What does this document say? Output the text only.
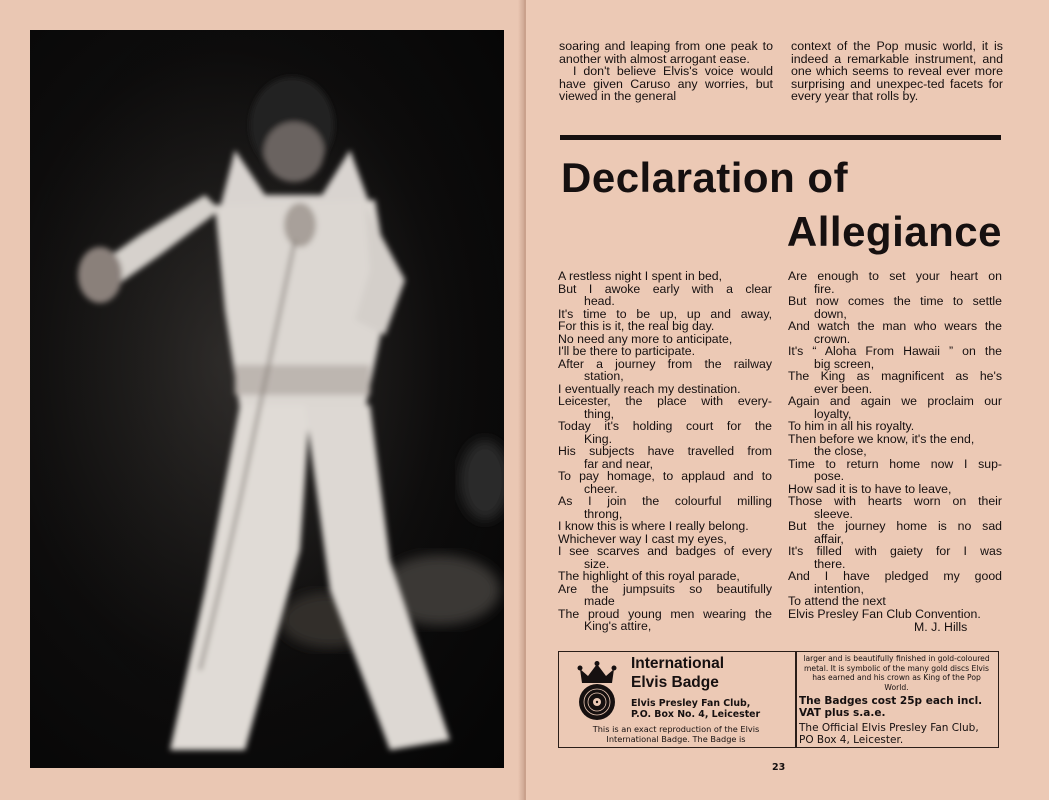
soaring and leaping from one peak to another with almost arrogant ease.

I don't believe Elvis's voice would have given Caruso any worries, but viewed in the general

context of the Pop music world, it is indeed a remarkable instrument, and one which seems to reveal ever more surprising and unexpec-ted facets for every year that rolls by.

Declaration of
Allegiance
A restless night I spent in bed,
But I awoke early with a clear
head.
It's time to be up, up and away,
For this is it, the real big day.
No need any more to anticipate,
I'll be there to participate.
After a journey from the railway
station,
I eventually reach my destination.
Leicester, the place with every-
thing,
Today it's holding court for the
King.
His subjects have travelled from
far and near,
To pay homage, to applaud and to
cheer.
As I join the colourful milling
throng,
I know this is where I really belong.
Whichever way I cast my eyes,
I see scarves and badges of every
size.
The highlight of this royal parade,
Are the jumpsuits so beautifully
made
The proud young men wearing the
King's attire,
Are enough to set your heart on
fire.
But now comes the time to settle
down,
And watch the man who wears the
crown.
It's “ Aloha From Hawaii ” on the
big screen,
The King as magnificent as he's
ever been.
Again and again we proclaim our
loyalty,
To him in all his royalty.
Then before we know, it's the end,
the close,
Time to return home now I sup-
pose.
How sad it is to have to leave,
Those with hearts worn on their
sleeve.
But the journey home is no sad
affair,
It's filled with gaiety for I was
there.
And I have pledged my good
intention,
To attend the next
Elvis Presley Fan Club Convention.
M. J. Hills
International
Elvis Badge
Elvis Presley Fan Club,
P.O. Box No. 4, Leicester
This is an exact reproduction of the Elvis International Badge. The Badge is

larger and is beautifully finished in gold-coloured metal. It is symbolic of the many gold discs Elvis has earned and his crown as King of the Pop World.

The Badges cost 25p each incl. VAT plus s.a.e.

The Official Elvis Presley Fan Club, PO Box 4, Leicester.

23
